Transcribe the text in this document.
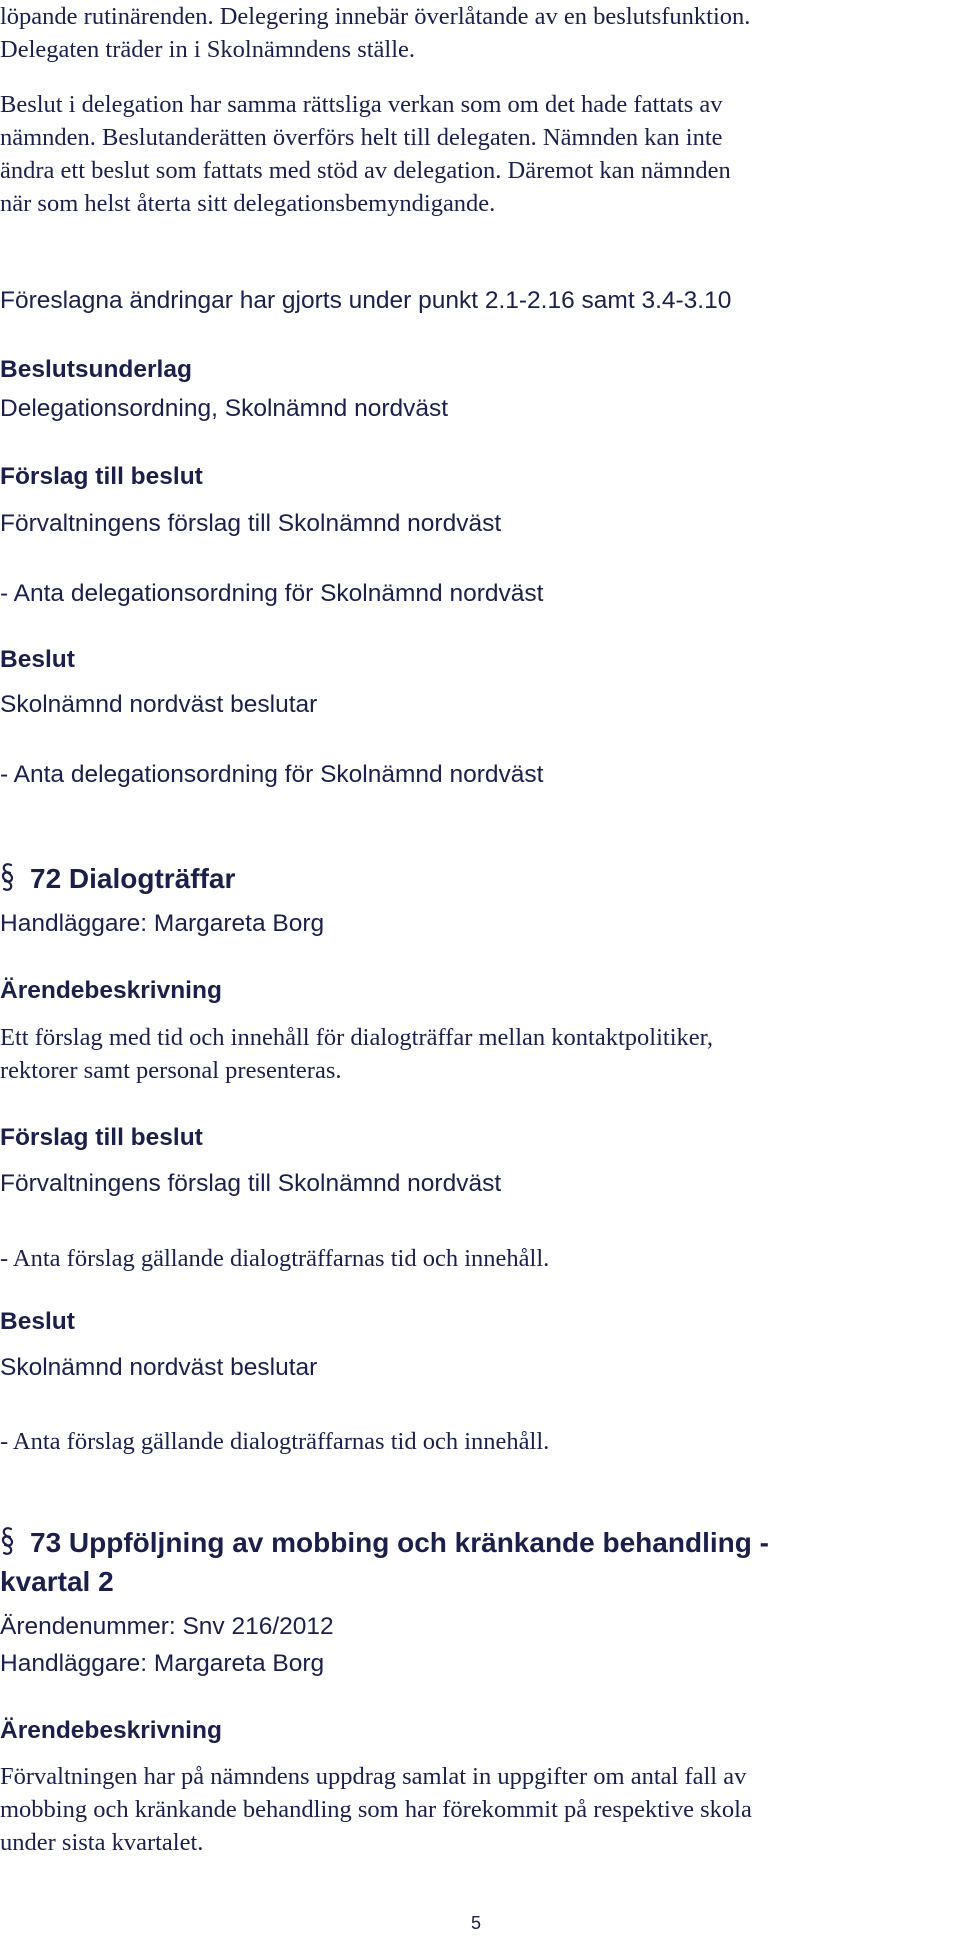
löpande rutinärenden. Delegering innebär överlåtande av en beslutsfunktion.
Delegaten träder in i Skolnämndens ställe.
Beslut i delegation har samma rättsliga verkan som om det hade fattats av
nämnden. Beslutanderätten överförs helt till delegaten. Nämnden kan inte
ändra ett beslut som fattats med stöd av delegation. Däremot kan nämnden
när som helst återta sitt delegationsbemyndigande.
Föreslagna ändringar har gjorts under punkt 2.1-2.16 samt 3.4-3.10
Beslutsunderlag
Delegationsordning, Skolnämnd nordväst
Förslag till beslut
Förvaltningens förslag till Skolnämnd nordväst
- Anta delegationsordning för Skolnämnd nordväst
Beslut
Skolnämnd nordväst beslutar
- Anta delegationsordning för Skolnämnd nordväst
72 Dialogträffar
Handläggare: Margareta Borg
Ärendebeskrivning
Ett förslag med tid och innehåll för dialogträffar mellan kontaktpolitiker,
rektorer samt personal presenteras.
Förslag till beslut
Förvaltningens förslag till Skolnämnd nordväst
- Anta förslag gällande dialogträffarnas tid och innehåll.
Beslut
Skolnämnd nordväst beslutar
- Anta förslag gällande dialogträffarnas tid och innehåll.
73 Uppföljning av mobbing och kränkande behandling -
kvartal 2
Ärendenummer: Snv 216/2012
Handläggare: Margareta Borg
Ärendebeskrivning
Förvaltningen har på nämndens uppdrag samlat in uppgifter om antal fall av
mobbing och kränkande behandling som har förekommit på respektive skola
under sista kvartalet.
5
